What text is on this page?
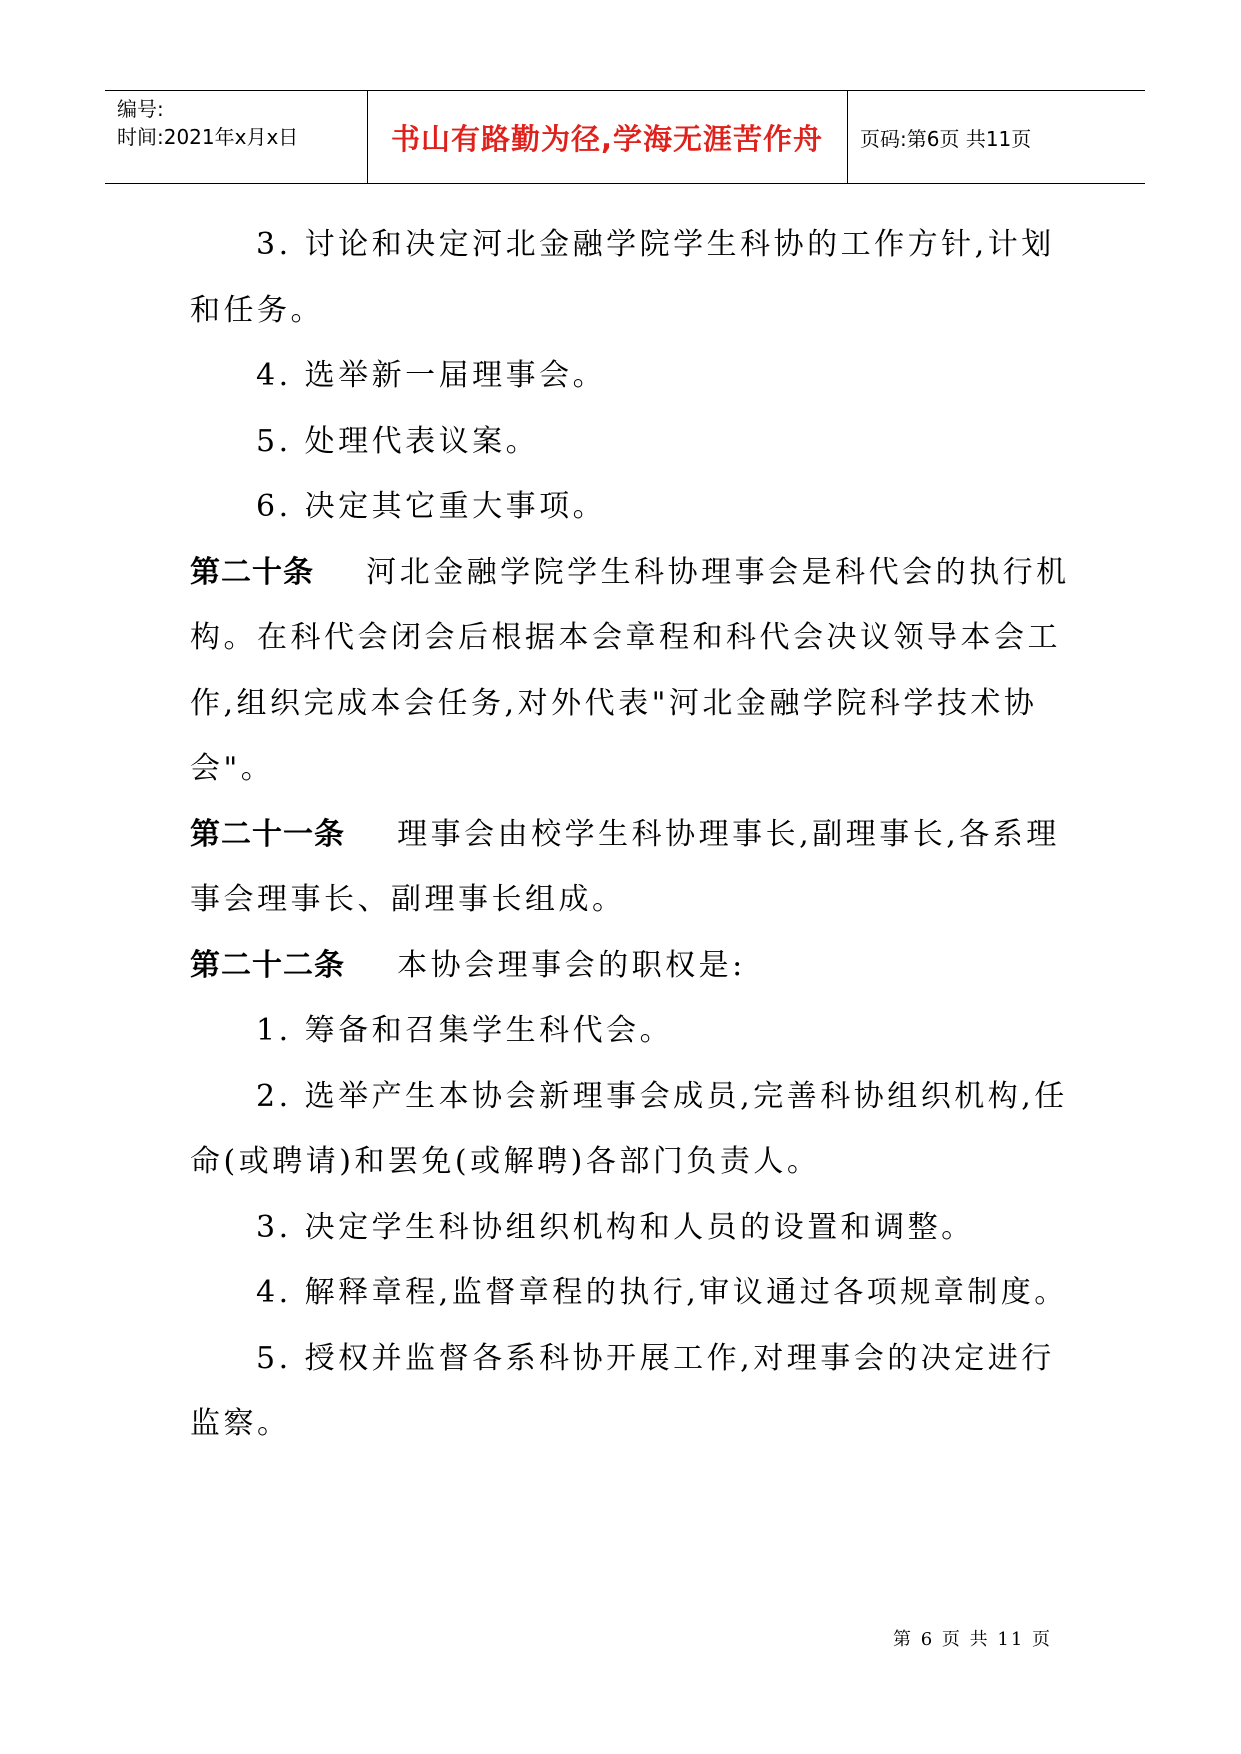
编号:
时间:2021年x月x日	书山有路勤为径,学海无涯苦作舟 页码:第6页 共11页

3. 讨论和决定河北金融学院学生科协的工作方针,计划和任务。

4. 选举新一届理事会。

5. 处理代表议案。

6. 决定其它重大事项。

第二十条 河北金融学院学生科协理事会是科代会的执行机构。在科代会闭会后根据本会章程和科代会决议领导本会工作,组织完成本会任务,对外代表"河北金融学院科学技术协会"。

第二十一条 理事会由校学生科协理事长,副理事长,各系理事会理事长、副理事长组成。

第二十二条 本协会理事会的职权是:

1. 筹备和召集学生科代会。

2. 选举产生本协会新理事会成员,完善科协组织机构,任命(或聘请)和罢免(或解聘)各部门负责人。

3. 决定学生科协组织机构和人员的设置和调整。

4. 解释章程,监督章程的执行,审议通过各项规章制度。

5. 授权并监督各系科协开展工作,对理事会的决定进行监察。

第 6 页 共 11 页
